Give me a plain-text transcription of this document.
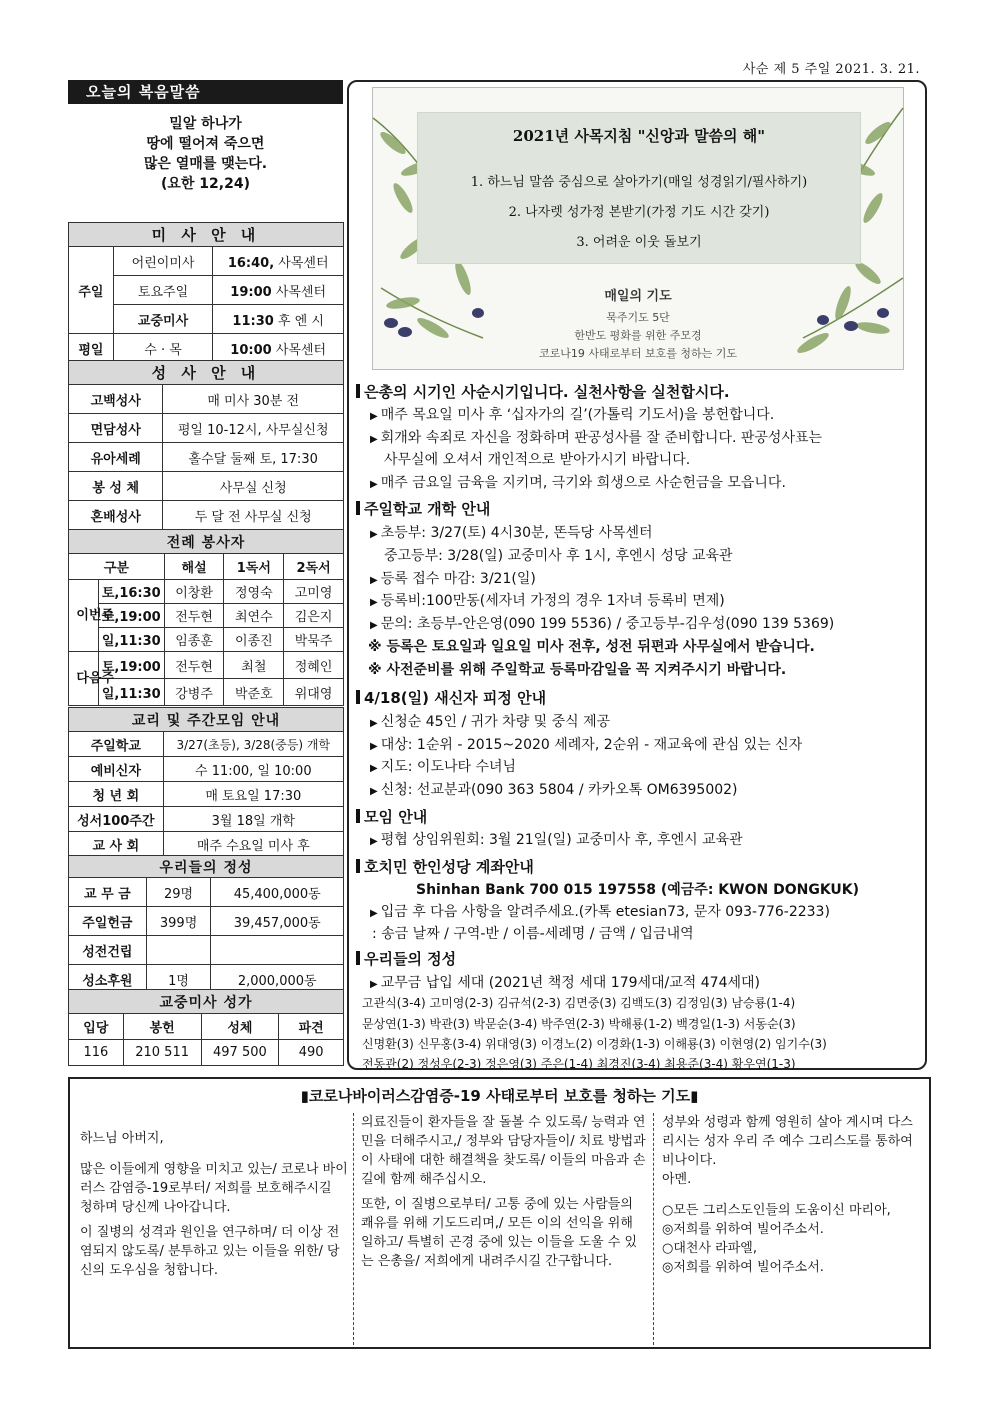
사순 제 5 주일 2021. 3. 21.
오늘의 복음말씀
밀알 하나가
땅에 떨어져 죽으면
많은 열매를 맺는다.
(요한 12,24)
미 사 안 내		
주일	어린이미사	16:40, 사목센터
	토요주일	19:00 사목센터
	교중미사	11:30 후 엔 시
평일	수 · 목	10:00 사목센터
성 사 안 내	
고백성사	매 미사 30분 전
면담성사	평일 10-12시, 사무실신청
유아세례	홀수달 둘째 토, 17:30
봉 성 체	사무실 신청
혼배성사	두 달 전 사무실 신청
전례 봉사자				
구분		해설	1독서	2독서
이번주	토,16:30	이창환	정영숙	고미영
	토,19:00	전두현	최연수	김은지
	일,11:30	임종훈	이종진	박묵주
다음주	토,19:00	전두현	최철	정혜인
	일,11:30	강병주	박준호	위대영
교리 및 주간모임 안내	
주일학교	3/27(초등), 3/28(중등) 개학
예비신자	수 11:00, 일 10:00
청 년 회	매 토요일 17:30
성서100주간	3월 18일 개학
교 사 회	매주 수요일 미사 후
우리들의 정성		
교 무 금	29명	45,400,000동
주일헌금	399명	39,457,000동
성전건립		
성소후원	1명	2,000,000동
교중미사 성가			
입당	봉헌	성체	파견
116	210 511	497 500	490
2021년 사목지침 "신앙과 말씀의 해"
1. 하느님 말씀 중심으로 살아가기(매일 성경읽기/필사하기)
2. 나자렛 성가정 본받기(가정 기도 시간 갖기)
3. 어려운 이웃 돌보기
매일의 기도
묵주기도 5단
한반도 평화를 위한 주모경
코로나19 사태로부터 보호를 청하는 기도
은총의 시기인 사순시기입니다. 실천사항을 실천합시다.
▶ 매주 목요일 미사 후 ‘십자가의 길’(가톨릭 기도서)을 봉헌합니다.
▶ 회개와 속죄로 자신을 정화하며 판공성사를 잘 준비합니다. 판공성사표는
사무실에 오셔서 개인적으로 받아가시기 바랍니다.
▶ 매주 금요일 금육을 지키며, 극기와 희생으로 사순헌금을 모읍니다.
주일학교 개학 안내
▶ 초등부: 3/27(토) 4시30분, 똔득당 사목센터
중고등부: 3/28(일) 교중미사 후 1시, 후엔시 성당 교육관
▶ 등록 접수 마감: 3/21(일)
▶ 등록비:100만동(세자녀 가정의 경우 1자녀 등록비 면제)
▶ 문의: 초등부-안은영(090 199 5536) / 중고등부-김우성(090 139 5369)
※ 등록은 토요일과 일요일 미사 전후, 성전 뒤편과 사무실에서 받습니다.
※ 사전준비를 위해 주일학교 등록마감일을 꼭 지켜주시기 바랍니다.
4/18(일) 새신자 피정 안내
▶ 신청순 45인 / 귀가 차량 및 중식 제공
▶ 대상: 1순위 - 2015~2020 세례자, 2순위 - 재교육에 관심 있는 신자
▶ 지도: 이도나타 수녀님
▶ 신청: 선교분과(090 363 5804 / 카카오톡 OM6395002)
모임 안내
▶ 평협 상임위원회: 3월 21일(일) 교중미사 후, 후엔시 교육관
호치민 한인성당 계좌안내
Shinhan Bank 700 015 197558 (예금주: KWON DONGKUK)
▶ 입금 후 다음 사항을 알려주세요.(카톡 etesian73, 문자 093-776-2233)
: 송금 날짜 / 구역-반 / 이름-세례명 / 금액 / 입금내역
우리들의 정성
▶ 교무금 납입 세대 (2021년 책정 세대 179세대/교적 474세대)
고관식(3-4) 고미영(2-3) 김규석(2-3) 김면중(3) 김백도(3) 김정임(3) 남승룡(1-4)
문상연(1-3) 박관(3) 박문순(3-4) 박주연(2-3) 박해룡(1-2) 백경일(1-3) 서동순(3)
신명환(3) 신무홍(3-4) 위대영(3) 이경노(2) 이경화(1-3) 이해룡(3) 이현영(2) 임기수(3)
전동관(2) 정성우(2-3) 정은영(3) 주은(1-4) 최경진(3-4) 최용준(3-4) 황우연(1-3)
▮코로나바이러스감염증-19 사태로부터 보호를 청하는 기도▮

하느님 아버지,

많은 이들에게 영향을 미치고 있는/ 코로나 바이러스 감염증-19로부터/ 저희를 보호해주시길 청하며 당신께 나아갑니다.

이 질병의 성격과 원인을 연구하며/ 더 이상 전염되지 않도록/ 분투하고 있는 이들을 위한/ 당신의 도우심을 청합니다.

의료진들이 환자들을 잘 돌볼 수 있도록/ 능력과 연민을 더해주시고,/ 정부와 담당자들이/ 치료 방법과 이 사태에 대한 해결책을 찾도록/ 이들의 마음과 손길에 함께 해주십시오.

또한, 이 질병으로부터/ 고통 중에 있는 사람들의 쾌유를 위해 기도드리며,/ 모든 이의 선익을 위해 일하고/ 특별히 곤경 중에 있는 이들을 도울 수 있는 은총을/ 저희에게 내려주시길 간구합니다.

성부와 성령과 함께 영원히 살아 계시며 다스리시는 성자 우리 주 예수 그리스도를 통하여 비나이다.

아멘.

○모든 그리스도인들의 도움이신 마리아,

◎저희를 위하여 빌어주소서.

○대천사 라파엘,

◎저희를 위하여 빌어주소서.
